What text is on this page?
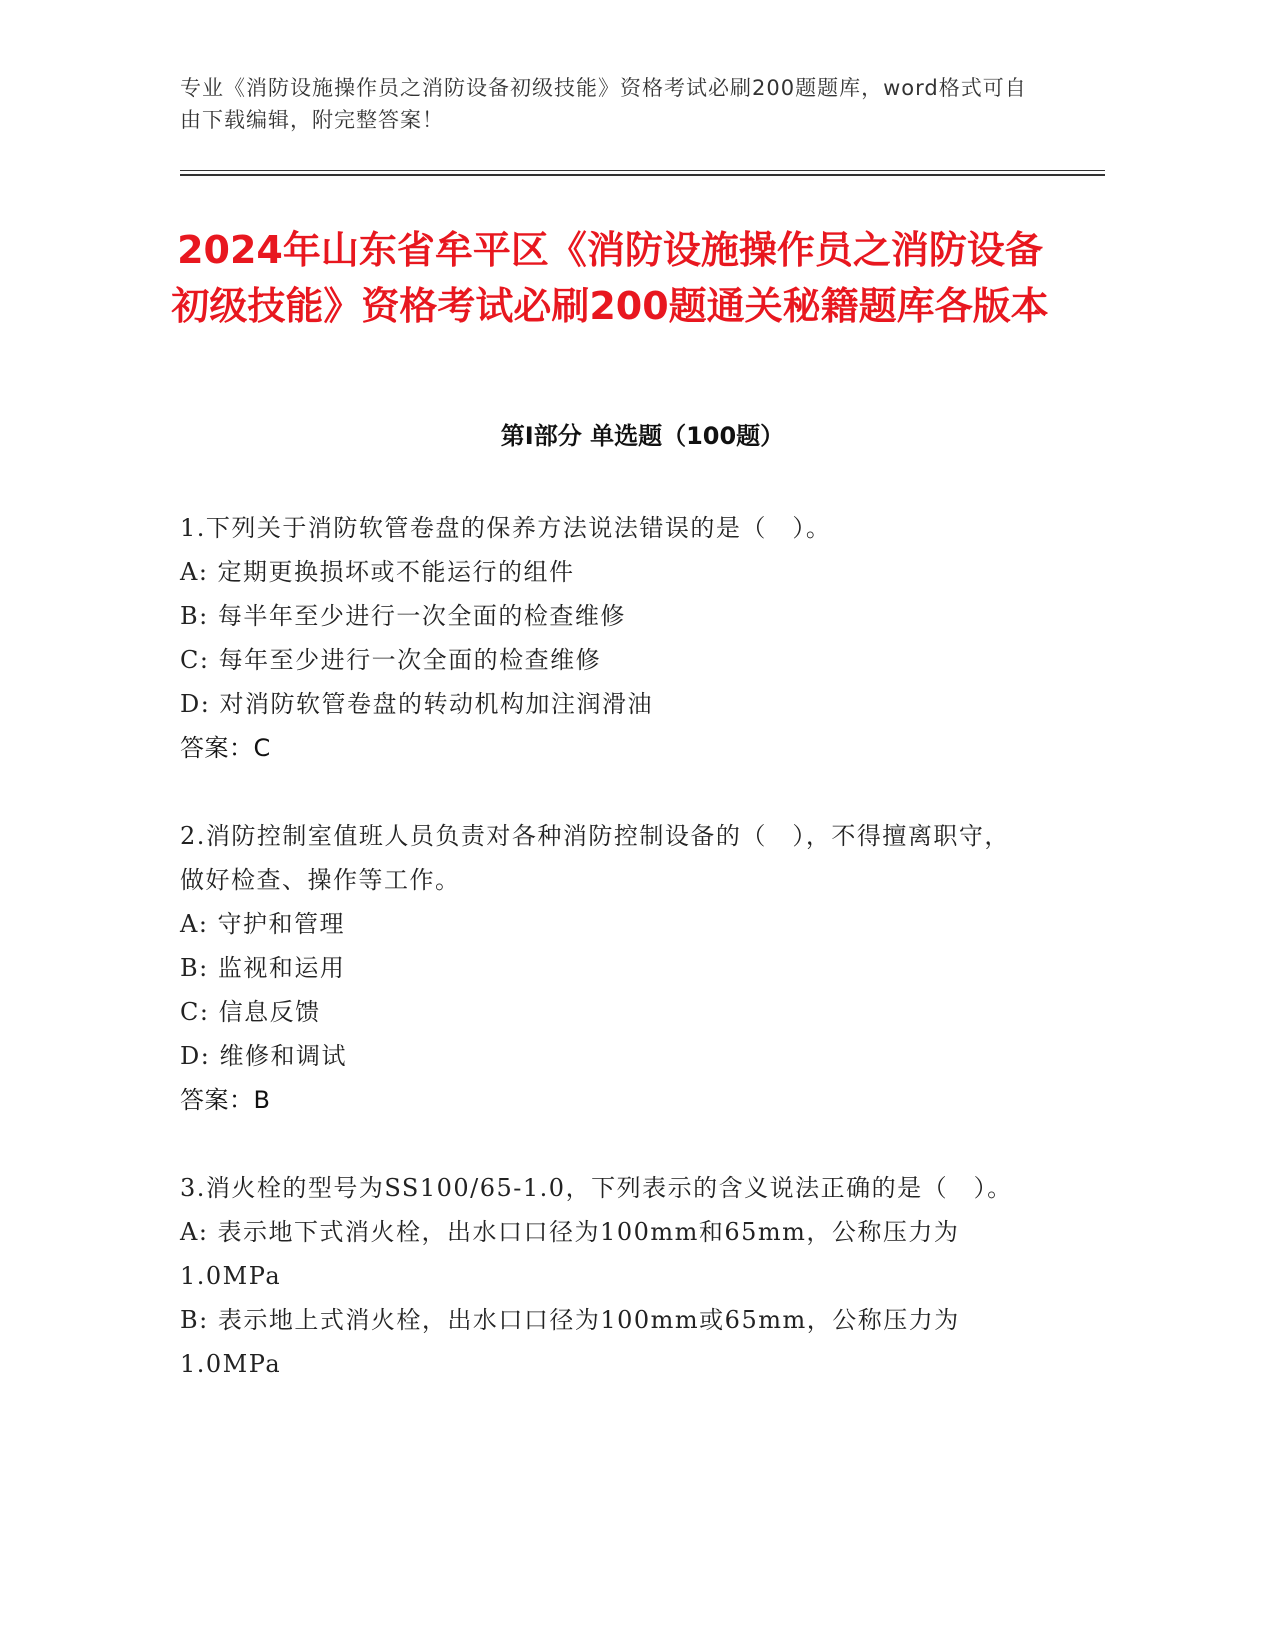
专业《消防设施操作员之消防设备初级技能》资格考试必刷200题题库，word格式可自由下载编辑，附完整答案！
2024年山东省牟平区《消防设施操作员之消防设备初级技能》资格考试必刷200题通关秘籍题库各版本
第Ⅰ部分 单选题（100题）

1.下列关于消防软管卷盘的保养方法说法错误的是（　）。

A: 定期更换损坏或不能运行的组件

B: 每半年至少进行一次全面的检查维修

C: 每年至少进行一次全面的检查维修

D: 对消防软管卷盘的转动机构加注润滑油

答案：C

2.消防控制室值班人员负责对各种消防控制设备的（　），不得擅离职守，做好检查、操作等工作。

A: 守护和管理

B: 监视和运用

C: 信息反馈

D: 维修和调试

答案：B

3.消火栓的型号为SS100/65-1.0，下列表示的含义说法正确的是（　）。

A: 表示地下式消火栓，出水口口径为100mm和65mm，公称压力为1.0MPa

B: 表示地上式消火栓，出水口口径为100mm或65mm，公称压力为1.0MPa
